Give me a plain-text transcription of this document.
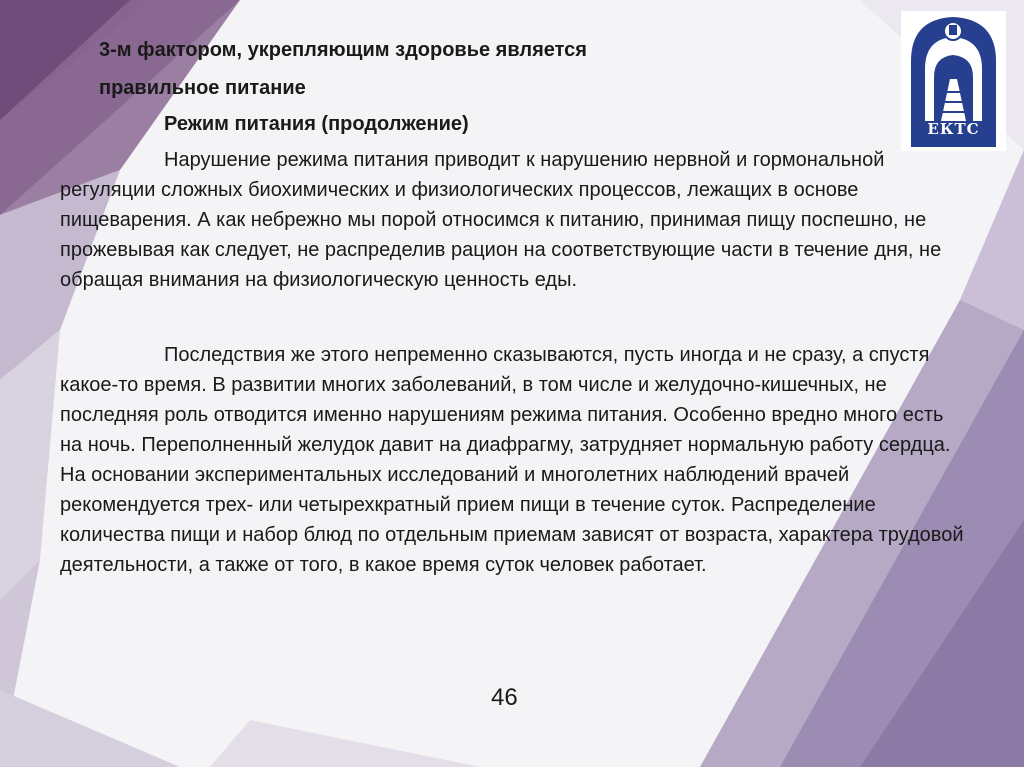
ЕКТС
3-м фактором, укрепляющим здоровье является
правильное питание
Режим питания (продолжение)

Нарушение режима питания приводит к нарушению нервной и гормональной регуляции сложных биохимических и физиологических процессов, лежащих в основе пищеварения. А как небрежно мы порой относимся к питанию, принимая пищу поспешно, не прожевывая как следует, не распределив рацион на соответствующие части в течение дня, не обращая внимания на физиологическую ценность еды.

Последствия же этого непременно сказываются, пусть иногда и не сразу, а спустя какое-то время. В развитии многих заболеваний, в том числе и желудочно-кишечных, не последняя роль отводится именно нарушениям режима питания. Особенно вредно много есть на ночь. Переполненный желудок давит на диафрагму, затрудняет нормальную работу сердца. На основании экспериментальных исследований и многолетних наблюдений врачей рекомендуется трех- или четырехкратный прием пищи в течение суток. Распределение количества пищи и набор блюд по отдельным приемам зависят от возраста, характера трудовой деятельности, а также от того, в какое время суток человек работает.

46
